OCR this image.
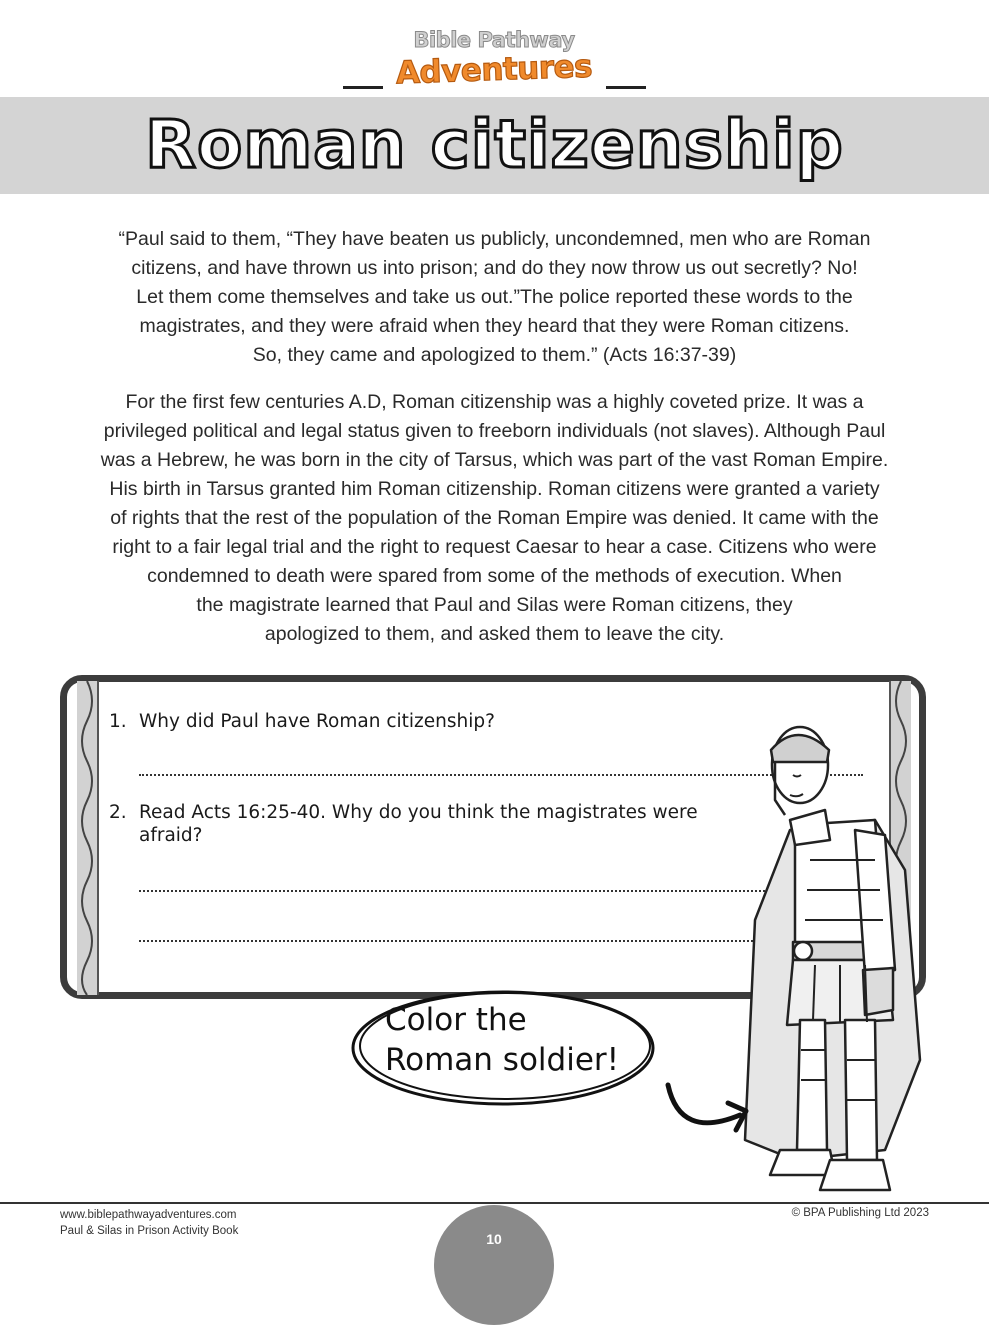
Bible Pathway
Adventures
Roman citizenship
“Paul said to them, “They have beaten us publicly, uncondemned, men who are Roman
citizens, and have thrown us into prison; and do they now throw us out secretly? No!
Let them come themselves and take us out.”The police reported these words to the
magistrates, and they were afraid when they heard that they were Roman citizens.
So, they came and apologized to them.” (Acts 16:37-39)
For the first few centuries A.D, Roman citizenship was a highly coveted prize. It was a
privileged political and legal status given to freeborn individuals (not slaves). Although Paul
was a Hebrew, he was born in the city of Tarsus, which was part of the vast Roman Empire.
His birth in Tarsus granted him Roman citizenship. Roman citizens were granted a variety
of rights that the rest of the population of the Roman Empire was denied. It came with the
right to a fair legal trial and the right to request Caesar to hear a case. Citizens who were
condemned to death were spared from some of the methods of execution. When
the magistrate learned that Paul and Silas were Roman citizens, they
apologized to them, and asked them to leave the city.
1. Why did Paul have Roman citizenship?
2. Read Acts 16:25-40. Why do you think the magistrates were afraid?
Color the
Roman soldier!
www.biblepathwayadventures.com
Paul & Silas in Prison Activity Book
© BPA Publishing Ltd 2023
10
